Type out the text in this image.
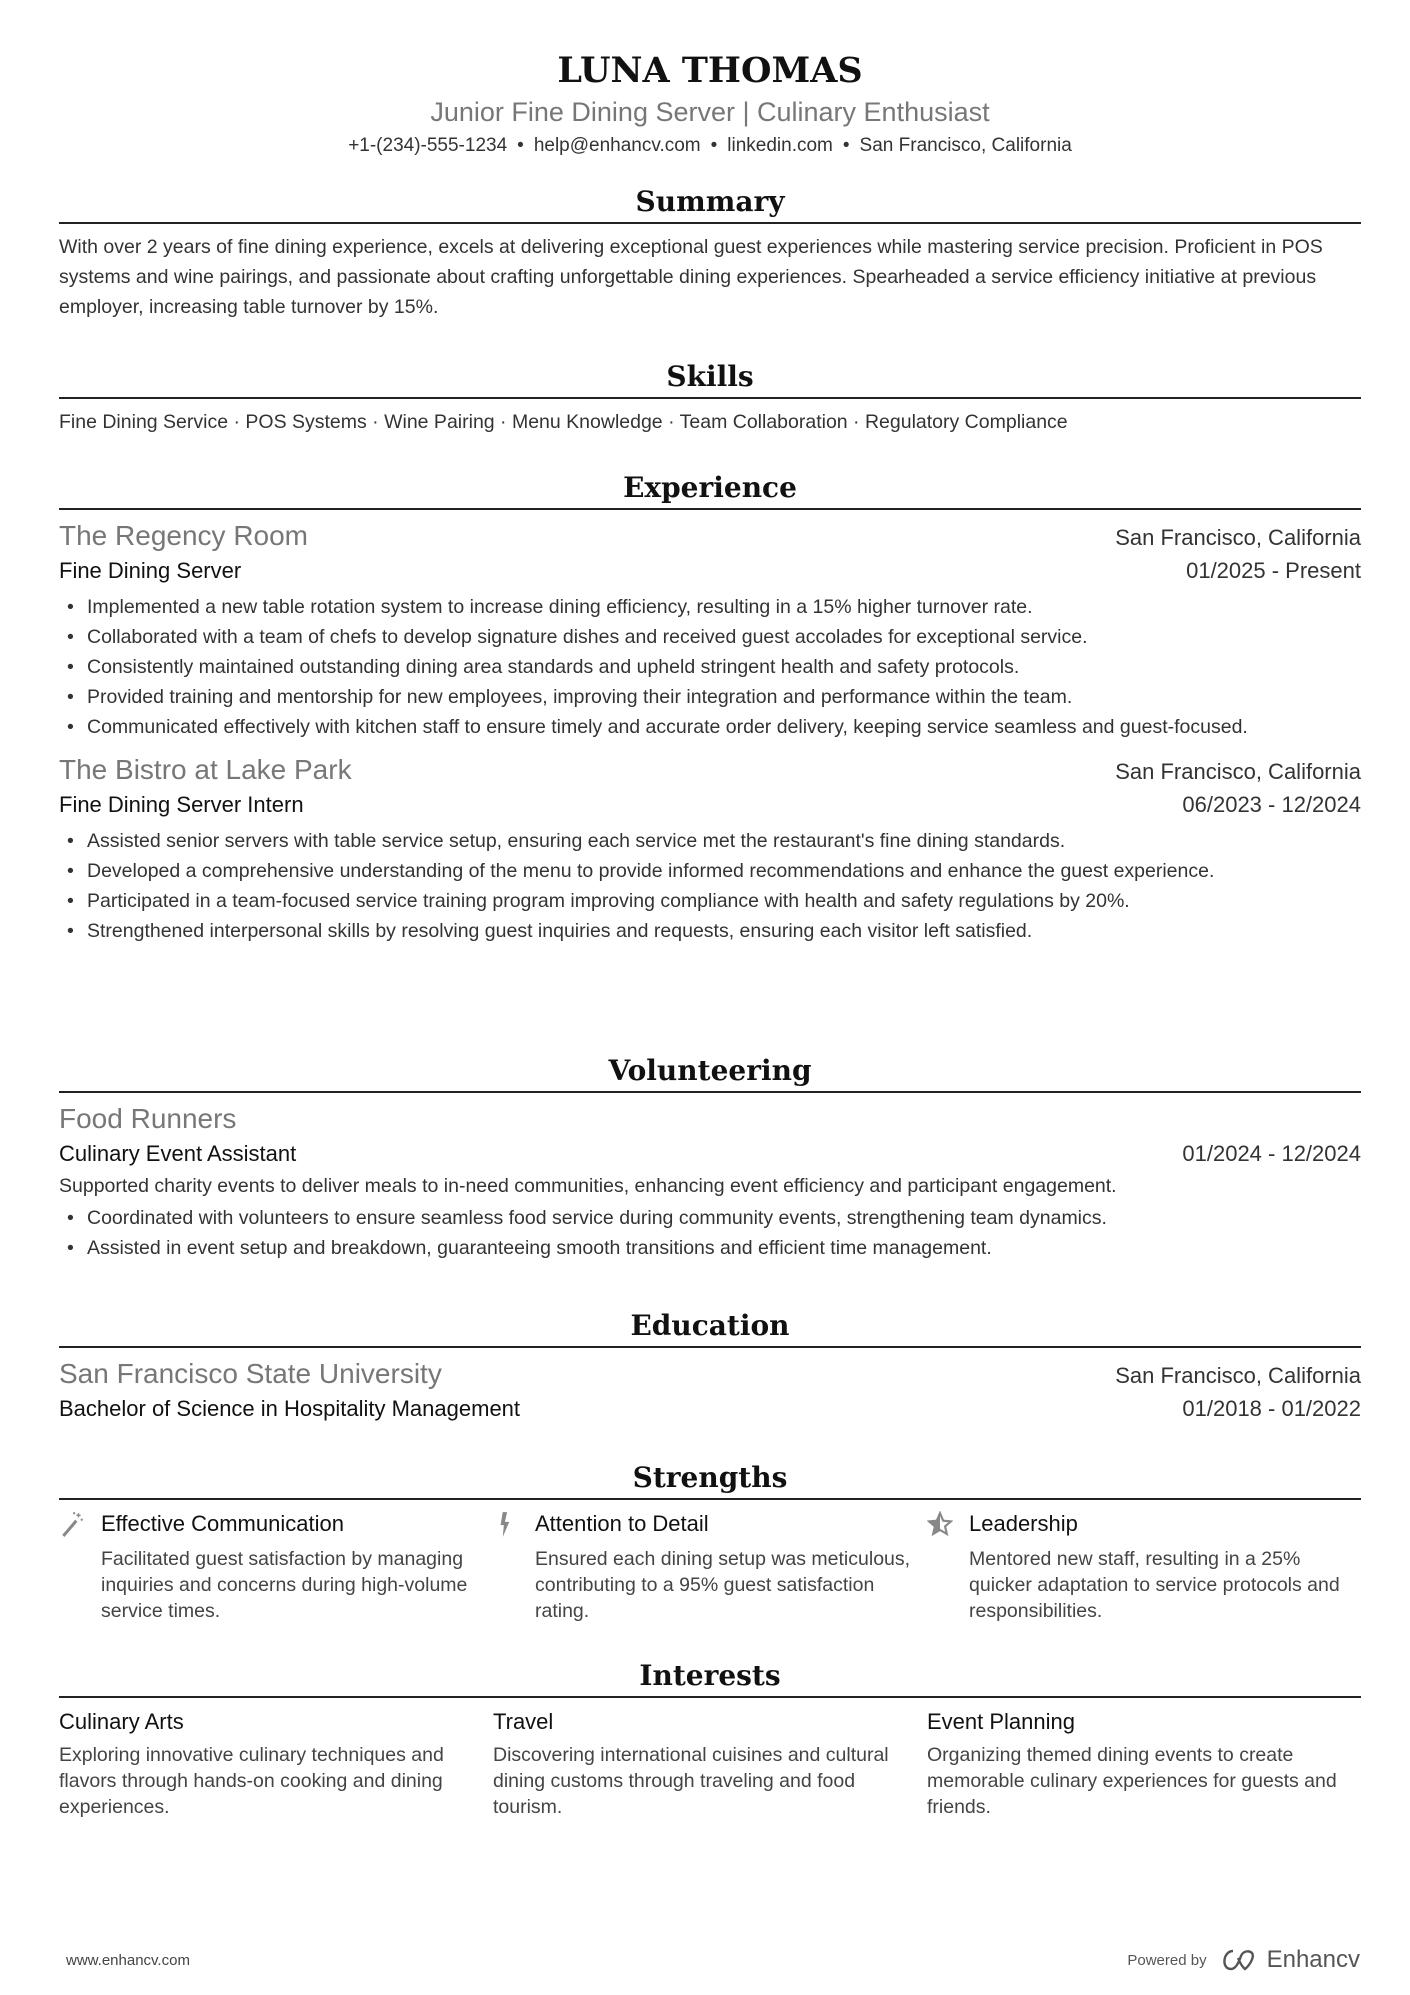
LUNA THOMAS
Junior Fine Dining Server | Culinary Enthusiast
+1-(234)-555-1234 • help@enhancv.com • linkedin.com • San Francisco, California
Summary
With over 2 years of fine dining experience, excels at delivering exceptional guest experiences while mastering service precision. Proficient in POS systems and wine pairings, and passionate about crafting unforgettable dining experiences. Spearheaded a service efficiency initiative at previous employer, increasing table turnover by 15%.
Skills
Fine Dining Service · POS Systems · Wine Pairing · Menu Knowledge · Team Collaboration · Regulatory Compliance
Experience
The Regency Room	San Francisco, California
Fine Dining Server	01/2025 - Present
• Implemented a new table rotation system to increase dining efficiency, resulting in a 15% higher turnover rate.
• Collaborated with a team of chefs to develop signature dishes and received guest accolades for exceptional service.
• Consistently maintained outstanding dining area standards and upheld stringent health and safety protocols.
• Provided training and mentorship for new employees, improving their integration and performance within the team.
• Communicated effectively with kitchen staff to ensure timely and accurate order delivery, keeping service seamless and guest-focused.
The Bistro at Lake Park	San Francisco, California
Fine Dining Server Intern	06/2023 - 12/2024
• Assisted senior servers with table service setup, ensuring each service met the restaurant's fine dining standards.
• Developed a comprehensive understanding of the menu to provide informed recommendations and enhance the guest experience.
• Participated in a team-focused service training program improving compliance with health and safety regulations by 20%.
• Strengthened interpersonal skills by resolving guest inquiries and requests, ensuring each visitor left satisfied.
Volunteering
Food Runners
Culinary Event Assistant	01/2024 - 12/2024
Supported charity events to deliver meals to in-need communities, enhancing event efficiency and participant engagement.
• Coordinated with volunteers to ensure seamless food service during community events, strengthening team dynamics.
• Assisted in event setup and breakdown, guaranteeing smooth transitions and efficient time management.
Education
San Francisco State University	San Francisco, California
Bachelor of Science in Hospitality Management	01/2018 - 01/2022
Strengths
Effective Communication
Facilitated guest satisfaction by managing inquiries and concerns during high-volume service times.
Attention to Detail
Ensured each dining setup was meticulous, contributing to a 95% guest satisfaction rating.
Leadership
Mentored new staff, resulting in a 25% quicker adaptation to service protocols and responsibilities.
Interests
Culinary Arts
Exploring innovative culinary techniques and flavors through hands-on cooking and dining experiences.
Travel
Discovering international cuisines and cultural dining customs through traveling and food tourism.
Event Planning
Organizing themed dining events to create memorable culinary experiences for guests and friends.
www.enhancv.com	Powered by	Enhancv
